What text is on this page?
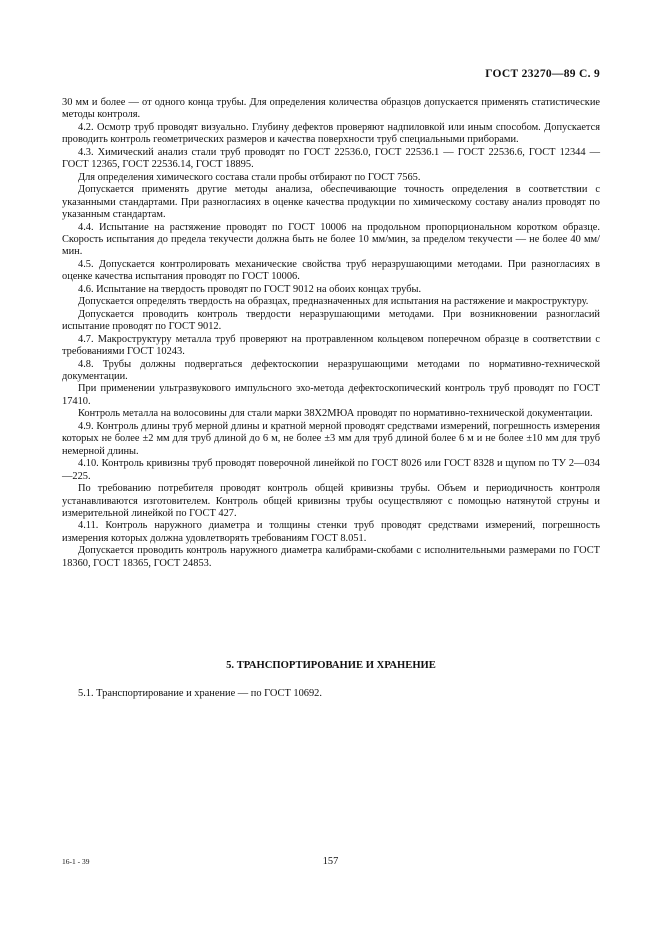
ГОСТ 23270—89 С. 9

30 мм и более — от одного конца трубы. Для определения количества образцов допускается применять статистические методы контроля.

4.2. Осмотр труб проводят визуально. Глубину дефектов проверяют надпиловкой или иным способом. Допускается проводить контроль геометрических размеров и качества поверхности труб специальными приборами.

4.3. Химический анализ стали труб проводят по ГОСТ 22536.0, ГОСТ 22536.1 — ГОСТ 22536.6, ГОСТ 12344 — ГОСТ 12365, ГОСТ 22536.14, ГОСТ 18895.

Для определения химического состава стали пробы отбирают по ГОСТ 7565.

Допускается применять другие методы анализа, обеспечивающие точность определения в соответствии с указанными стандартами. При разногласиях в оценке качества продукции по химическому составу анализ проводят по указанным стандартам.

4.4. Испытание на растяжение проводят по ГОСТ 10006 на продольном пропорциональном коротком образце. Скорость испытания до предела текучести должна быть не более 10 мм/мин, за пределом текучести — не более 40 мм/мин.

4.5. Допускается контролировать механические свойства труб неразрушающими методами. При разногласиях в оценке качества испытания проводят по ГОСТ 10006.

4.6. Испытание на твердость проводят по ГОСТ 9012 на обоих концах трубы.

Допускается определять твердость на образцах, предназначенных для испытания на растяжение и макроструктуру.

Допускается проводить контроль твердости неразрушающими методами. При возникновении разногласий испытание проводят по ГОСТ 9012.

4.7. Макроструктуру металла труб проверяют на протравленном кольцевом поперечном образце в соответствии с требованиями ГОСТ 10243.

4.8. Трубы должны подвергаться дефектоскопии неразрушающими методами по нормативно-технической документации.

При применении ультразвукового импульсного эхо-метода дефектоскопический контроль труб проводят по ГОСТ 17410.

Контроль металла на волосовины для стали марки 38Х2МЮА проводят по нормативно-технической документации.

4.9. Контроль длины труб мерной длины и кратной мерной проводят средствами измерений, погрешность измерения которых не более ±2 мм для труб длиной до 6 м, не более ±3 мм для труб длиной более 6 м и не более ±10 мм для труб немерной длины.

4.10. Контроль кривизны труб проводят поверочной линейкой по ГОСТ 8026 или ГОСТ 8328 и щупом по ТУ 2—034—225.

По требованию потребителя проводят контроль общей кривизны трубы. Объем и периодичность контроля устанавливаются изготовителем. Контроль общей кривизны трубы осуществляют с помощью натянутой струны и измерительной линейкой по ГОСТ 427.

4.11. Контроль наружного диаметра и толщины стенки труб проводят средствами измерений, погрешность измерения которых должна удовлетворять требованиям ГОСТ 8.051.

Допускается проводить контроль наружного диаметра калибрами-скобами с исполнительными размерами по ГОСТ 18360, ГОСТ 18365, ГОСТ 24853.

5. ТРАНСПОРТИРОВАНИЕ И ХРАНЕНИЕ
5.1. Транспортирование и хранение — по ГОСТ 10692.
16-1 - 39	157
